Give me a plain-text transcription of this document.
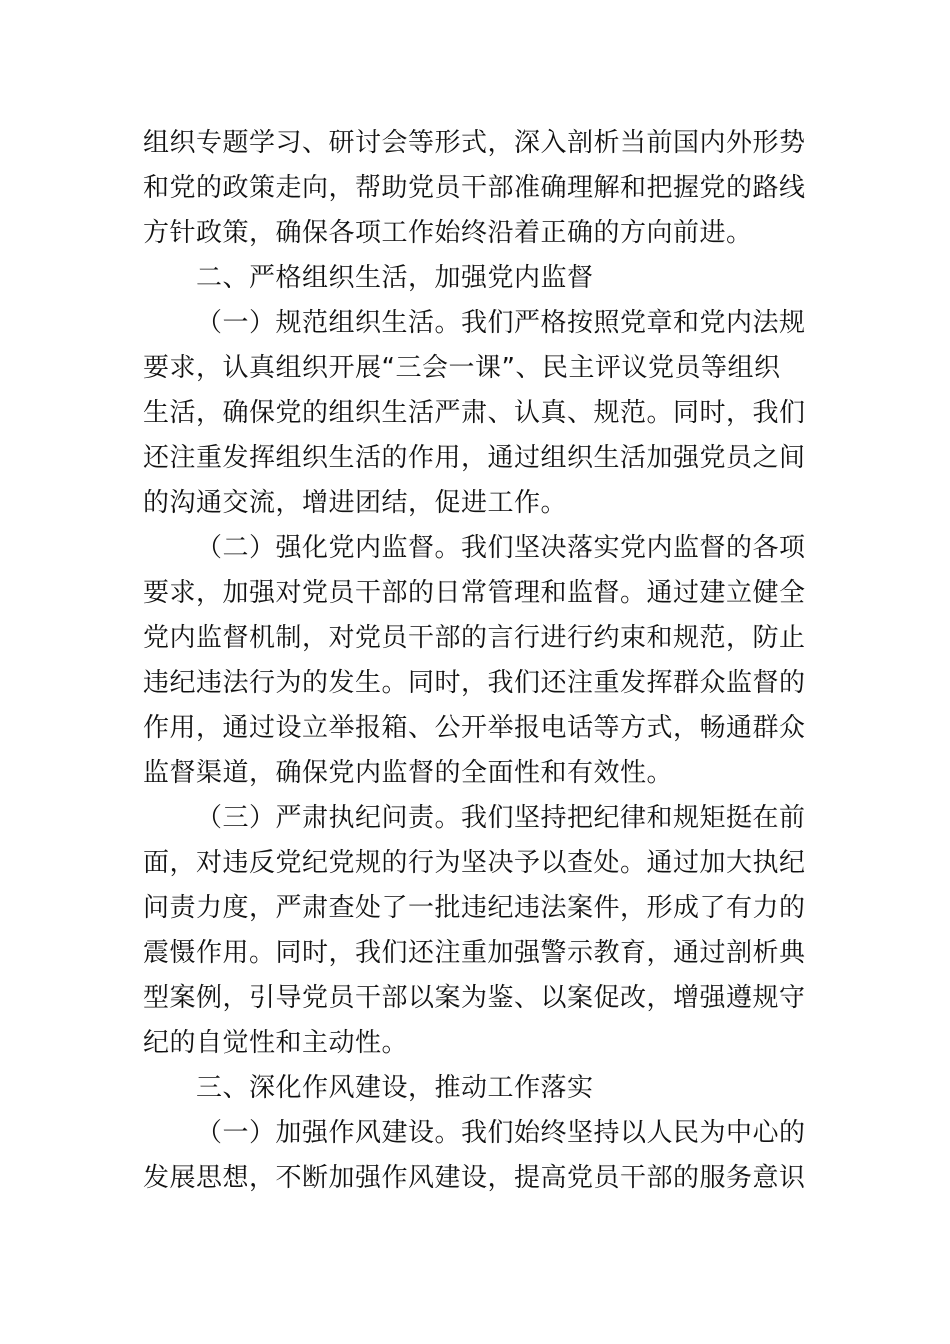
组织专题学习、研讨会等形式，深入剖析当前国内外形势
和党的政策走向，帮助党员干部准确理解和把握党的路线
方针政策，确保各项工作始终沿着正确的方向前进。
二、严格组织生活，加强党内监督
（一）规范组织生活。我们严格按照党章和党内法规
要求，认真组织开展“三会一课”、民主评议党员等组织
生活，确保党的组织生活严肃、认真、规范。同时，我们
还注重发挥组织生活的作用，通过组织生活加强党员之间
的沟通交流，增进团结，促进工作。
（二）强化党内监督。我们坚决落实党内监督的各项
要求，加强对党员干部的日常管理和监督。通过建立健全
党内监督机制，对党员干部的言行进行约束和规范，防止
违纪违法行为的发生。同时，我们还注重发挥群众监督的
作用，通过设立举报箱、公开举报电话等方式，畅通群众
监督渠道，确保党内监督的全面性和有效性。
（三）严肃执纪问责。我们坚持把纪律和规矩挺在前
面，对违反党纪党规的行为坚决予以查处。通过加大执纪
问责力度，严肃查处了一批违纪违法案件，形成了有力的
震慑作用。同时，我们还注重加强警示教育，通过剖析典
型案例，引导党员干部以案为鉴、以案促改，增强遵规守
纪的自觉性和主动性。
三、深化作风建设，推动工作落实
（一）加强作风建设。我们始终坚持以人民为中心的
发展思想，不断加强作风建设，提高党员干部的服务意识
